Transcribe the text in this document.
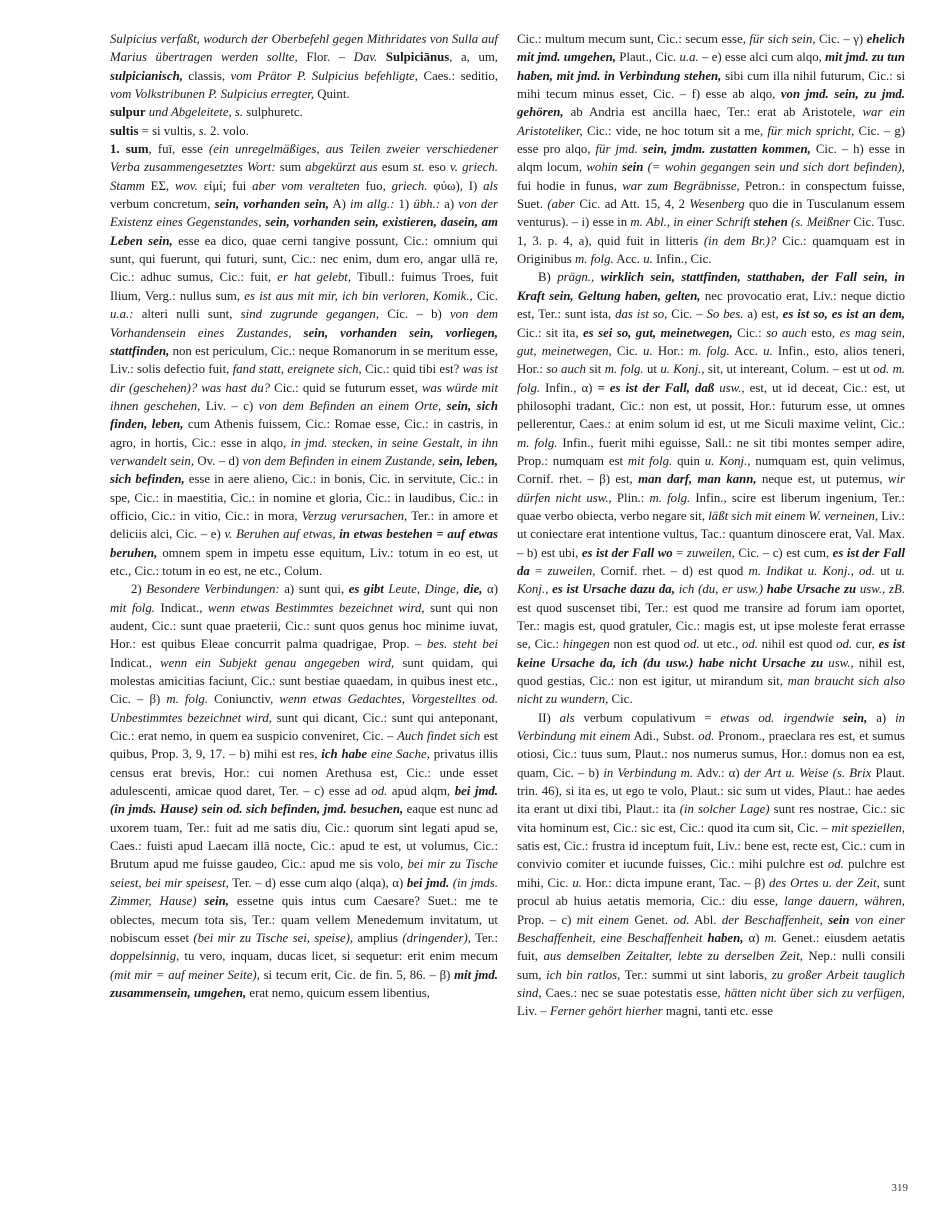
Sulpicius verfaßt, wodurch der Oberbefehl gegen Mithridates von Sulla auf Marius übertragen werden sollte, Flor. – Dav. Sulpiciānus, a, um, sulpicianisch, classis, vom Prätor P. Sulpicius befehligte, Caes.: seditio, vom Volkstribunen P. Sulpicius erregter, Quint.

sulpur und Abgeleitete, s. sulphuretc.

sultis = si vultis, s. 2. volo.

1. sum, fuī, esse (ein unregelmäßiges, aus Teilen zweier verschiedener Verba zusammengesetztes Wort: sum abgekürzt aus esum st. eso v. griech. Stamm ΕΣ, wov. εἰμί; fui aber vom veralteten fuo, griech. φύω), I) als verbum concretum, sein, vorhanden sein, A) im allg.: 1) übh.: a) von der Existenz eines Gegenstandes, sein, vorhanden sein, existieren, dasein, am Leben sein, esse ea dico, quae cerni tangive possunt, Cic.: omnium qui sunt, qui fuerunt, qui futuri, sunt, Cic.: nec enim, dum ero, angar ullā re, Cic.: adhuc sumus, Cic.: fuit, er hat gelebt, Tibull.: fuimus Troes, fuit Ilium, Verg.: nullus sum, es ist aus mit mir, ich bin verloren, Komik., Cic. u.a.: alteri nulli sunt, sind zugrunde gegangen, Cic. – b) von dem Vorhandensein eines Zustandes, sein, vorhanden sein, vorliegen, stattfinden, non est periculum, Cic.: neque Romanorum in se meritum esse, Liv.: solis defectio fuit, fand statt, ereignete sich, Cic.: quid tibi est? was ist dir (geschehen)? was hast du? Cic.: quid se futurum esset, was würde mit ihnen geschehen, Liv. – c) von dem Befinden an einem Orte, sein, sich finden, leben, cum Athenis fuissem, Cic.: Romae esse, Cic.: in castris, in agro, in hortis, Cic.: esse in alqo, in jmd. stecken, in seine Gestalt, in ihn verwandelt sein, Ov. – d) von dem Befinden in einem Zustande, sein, leben, sich befinden, esse in aere alieno, Cic.: in bonis, Cic. in servitute, Cic.: in spe, Cic.: in maestitia, Cic.: in nomine et gloria, Cic.: in laudibus, Cic.: in officio, Cic.: in vitio, Cic.: in mora, Verzug verursachen, Ter.: in amore et deliciis alci, Cic. – e) v. Beruhen auf etwas, in etwas bestehen = auf etwas beruhen, omnem spem in impetu esse equitum, Liv.: totum in eo est, ut etc., Cic.: totum in eo est, ne etc., Colum.

2) Besondere Verbindungen: a) sunt qui, es gibt Leute, Dinge, die, α) mit folg. Indicat., wenn etwas Bestimmtes bezeichnet wird, sunt qui non audent, Cic.: sunt quae praeterii, Cic.: sunt quos genus hoc minime iuvat, Hor.: est quibus Eleae concurrit palma quadrigae, Prop. – bes. steht bei Indicat., wenn ein Subjekt genau angegeben wird, sunt quidam, qui molestas amicitias faciunt, Cic.: sunt bestiae quaedam, in quibus inest etc., Cic. – β) m. folg. Coniunctiv, wenn etwas Gedachtes, Vorgestelltes od. Unbestimmtes bezeichnet wird, sunt qui dicant, Cic.: sunt qui anteponant, Cic.: erat nemo, in quem ea suspicio conveniret, Cic. – Auch findet sich est quibus, Prop. 3, 9, 17. – b) mihi est res, ich habe eine Sache, privatus illis census erat brevis, Hor.: cui nomen Arethusa est, Cic.: unde esset adulescenti, amicae quod daret, Ter. – c) esse ad od. apud alqm, bei jmd. (in jmds. Hause) sein od. sich befinden, jmd. besuchen, eaque est nunc ad uxorem tuam, Ter.: fuit ad me satis diu, Cic.: quorum sint legati apud se, Caes.: fuisti apud Laecam illā nocte, Cic.: apud te est, ut volumus, Cic.: Brutum apud me fuisse gaudeo, Cic.: apud me sis volo, bei mir zu Tische seiest, bei mir speisest, Ter. – d) esse cum alqo (alqa), α) bei jmd. (in jmds. Zimmer, Hause) sein, essetne quis intus cum Caesare? Suet.: me te oblectes, mecum tota sis, Ter.: quam vellem Menedemum invitatum, ut nobiscum esset (bei mir zu Tische sei, speise), amplius (dringender), Ter.: doppelsinnig, tu vero, inquam, ducas licet, si sequetur: erit enim mecum (mit mir = auf meiner Seite), si tecum erit, Cic. de fin. 5, 86. – β) mit jmd. zusammensein, umgehen, erat nemo, quicum essem libentius,

Cic.: multum mecum sunt, Cic.: secum esse, für sich sein, Cic. – γ) ehelich mit jmd. umgehen, Plaut., Cic. u.a. – e) esse alci cum alqo, mit jmd. zu tun haben, mit jmd. in Verbindung stehen, sibi cum illa nihil futurum, Cic.: si mihi tecum minus esset, Cic. – f) esse ab alqo, von jmd. sein, zu jmd. gehören, ab Andria est ancilla haec, Ter.: erat ab Aristotele, war ein Aristoteliker, Cic.: vide, ne hoc totum sit a me, für mich spricht, Cic. – g) esse pro alqo, für jmd. sein, jmdm. zustatten kommen, Cic. – h) esse in alqm locum, wohin sein (= wohin gegangen sein und sich dort befinden), fui hodie in funus, war zum Begräbnisse, Petron.: in conspectum fuisse, Suet. (aber Cic. ad Att. 15, 4, 2 Wesenberg quo die in Tusculanum essem venturus). – i) esse in m. Abl., in einer Schrift stehen (s. Meißner Cic. Tusc. 1, 3. p. 4, a), quid fuit in litteris (in dem Br.)? Cic.: quamquam est in Originibus m. folg. Acc. u. Infin., Cic.

B) prägn., wirklich sein, stattfinden, statthaben, der Fall sein, in Kraft sein, Geltung haben, gelten, nec provocatio erat, Liv.: neque dictio est, Ter.: sunt ista, das ist so, Cic. – So bes. a) est, es ist so, es ist an dem, Cic.: sit ita, es sei so, gut, meinetwegen, Cic.: so auch esto, es mag sein, gut, meinetwegen, Cic. u. Hor.: m. folg. Acc. u. Infin., esto, alios teneri, Hor.: so auch sit m. folg. ut u. Konj., sit, ut intereant, Colum. – est ut od. m. folg. Infin., α) = es ist der Fall, daß usw., est, ut id deceat, Cic.: est, ut philosophi tradant, Cic.: non est, ut possit, Hor.: futurum esse, ut omnes pellerentur, Caes.: at enim solum id est, ut me Siculi maxime velint, Cic.: m. folg. Infin., fuerit mihi eguisse, Sall.: ne sit tibi montes semper adire, Prop.: numquam est mit folg. quin u. Konj., numquam est, quin velimus, Cornif. rhet. – β) est, man darf, man kann, neque est, ut putemus, wir dürfen nicht usw., Plin.: m. folg. Infin., scire est liberum ingenium, Ter.: quae verbo obiecta, verbo negare sit, läßt sich mit einem W. verneinen, Liv.: ut coniectare erat intentione vultus, Tac.: quantum dinoscere erat, Val. Max. – b) est ubi, es ist der Fall wo = zuweilen, Cic. – c) est cum, es ist der Fall da = zuweilen, Cornif. rhet. – d) est quod m. Indikat u. Konj., od. ut u. Konj., es ist Ursache dazu da, ich (du, er usw.) habe Ursache zu usw., zB. est quod suscenset tibi, Ter.: est quod me transire ad forum iam oportet, Ter.: magis est, quod gratuler, Cic.: magis est, ut ipse moleste ferat errasse se, Cic.: hingegen non est quod od. ut etc., od. nihil est quod od. cur, es ist keine Ursache da, ich (du usw.) habe nicht Ursache zu usw., nihil est, quod gestias, Cic.: non est igitur, ut mirandum sit, man braucht sich also nicht zu wundern, Cic.

II) als verbum copulativum = etwas od. irgendwie sein, a) in Verbindung mit einem Adi., Subst. od. Pronom., praeclara res est, et sumus otiosi, Cic.: tuus sum, Plaut.: nos numerus sumus, Hor.: domus non ea est, quam, Cic. – b) in Verbindung m. Adv.: α) der Art u. Weise (s. Brix Plaut. trin. 46), si ita es, ut ego te volo, Plaut.: sic sum ut vides, Plaut.: hae aedes ita erant ut dixi tibi, Plaut.: ita (in solcher Lage) sunt res nostrae, Cic.: sic vita hominum est, Cic.: sic est, Cic.: quod ita cum sit, Cic. – mit speziellen, satis est, Cic.: frustra id inceptum fuit, Liv.: bene est, recte est, Cic.: cum in convivio comiter et iucunde fuisses, Cic.: mihi pulchre est od. pulchre est mihi, Cic. u. Hor.: dicta impune erant, Tac. – β) des Ortes u. der Zeit, sunt procul ab huius aetatis memoria, Cic.: diu esse, lange dauern, währen, Prop. – c) mit einem Genet. od. Abl. der Beschaffenheit, sein von einer Beschaffenheit, eine Beschaffenheit haben, α) m. Genet.: eiusdem aetatis fuit, aus demselben Zeitalter, lebte zu derselben Zeit, Nep.: nulli consili sum, ich bin ratlos, Ter.: summi ut sint laboris, zu großer Arbeit tauglich sind, Caes.: nec se suae potestatis esse, hätten nicht über sich zu verfügen, Liv. – Ferner gehört hierher magni, tanti etc. esse

319
